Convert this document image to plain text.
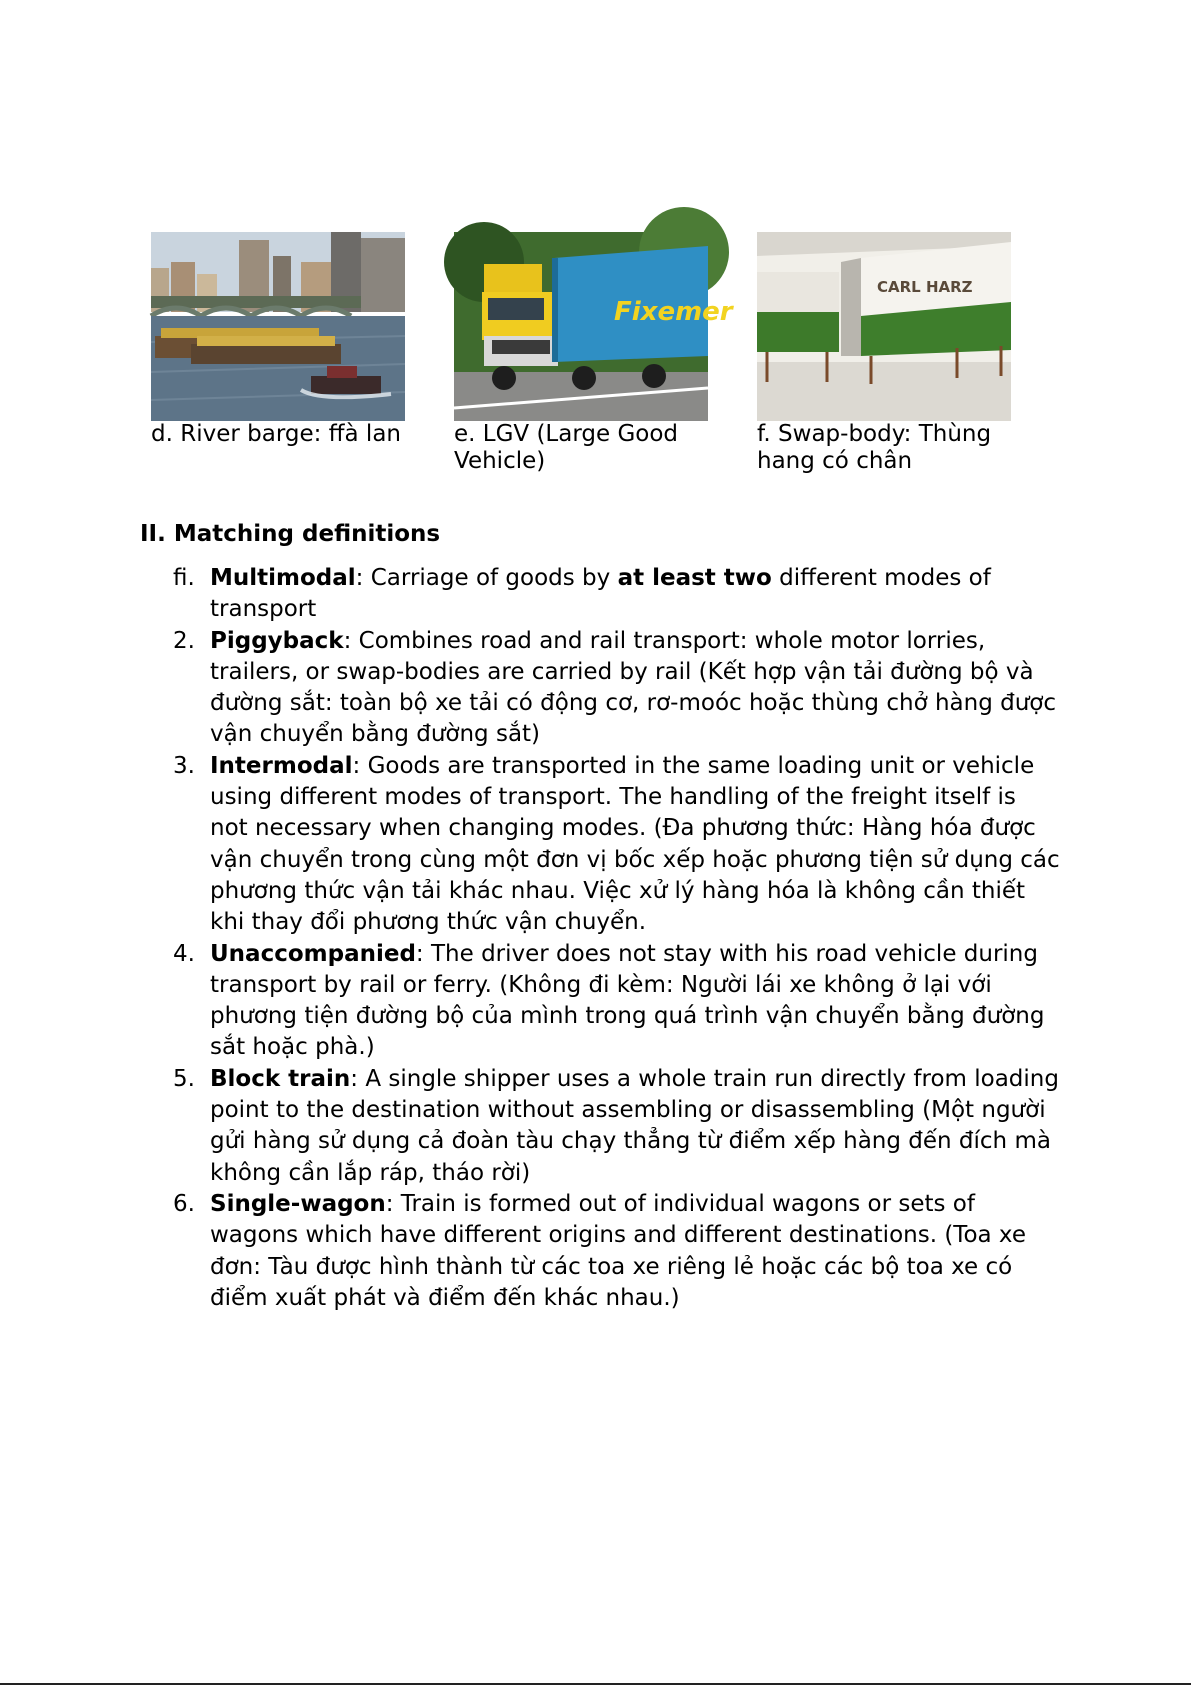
Fixemer
CARL HARZ
d. River barge: ffà lan	e. LGV (Large Good Vehicle)
f. Swap-body: Thùng hang có chân
II. Matching definitions
ﬁ. Multimodal: Carriage of goods by at least two different modes of transport
2. Piggyback: Combines road and rail transport: whole motor lorries, trailers, or swap-bodies are carried by rail (Kết hợp vận tải đường bộ và đường sắt: toàn bộ xe tải có động cơ, rơ-moóc hoặc thùng chở hàng được vận chuyển bằng đường sắt)
3. Intermodal: Goods are transported in the same loading unit or vehicle using different modes of transport. The handling of the freight itself is not necessary when changing modes. (Đa phương thức: Hàng hóa được vận chuyển trong cùng một đơn vị bốc xếp hoặc phương tiện sử dụng các phương thức vận tải khác nhau. Việc xử lý hàng hóa là không cần thiết khi thay đổi phương thức vận chuyển.
4. Unaccompanied: The driver does not stay with his road vehicle during transport by rail or ferry. (Không đi kèm: Người lái xe không ở lại với phương tiện đường bộ của mình trong quá trình vận chuyển bằng đường sắt hoặc phà.)
5. Block train: A single shipper uses a whole train run directly from loading point to the destination without assembling or disassembling (Một người gửi hàng sử dụng cả đoàn tàu chạy thẳng từ điểm xếp hàng đến đích mà không cần lắp ráp, tháo rời)
6. Single-wagon: Train is formed out of individual wagons or sets of wagons which have different origins and different destinations. (Toa xe đơn: Tàu được hình thành từ các toa xe riêng lẻ hoặc các bộ toa xe có điểm xuất phát và điểm đến khác nhau.)
